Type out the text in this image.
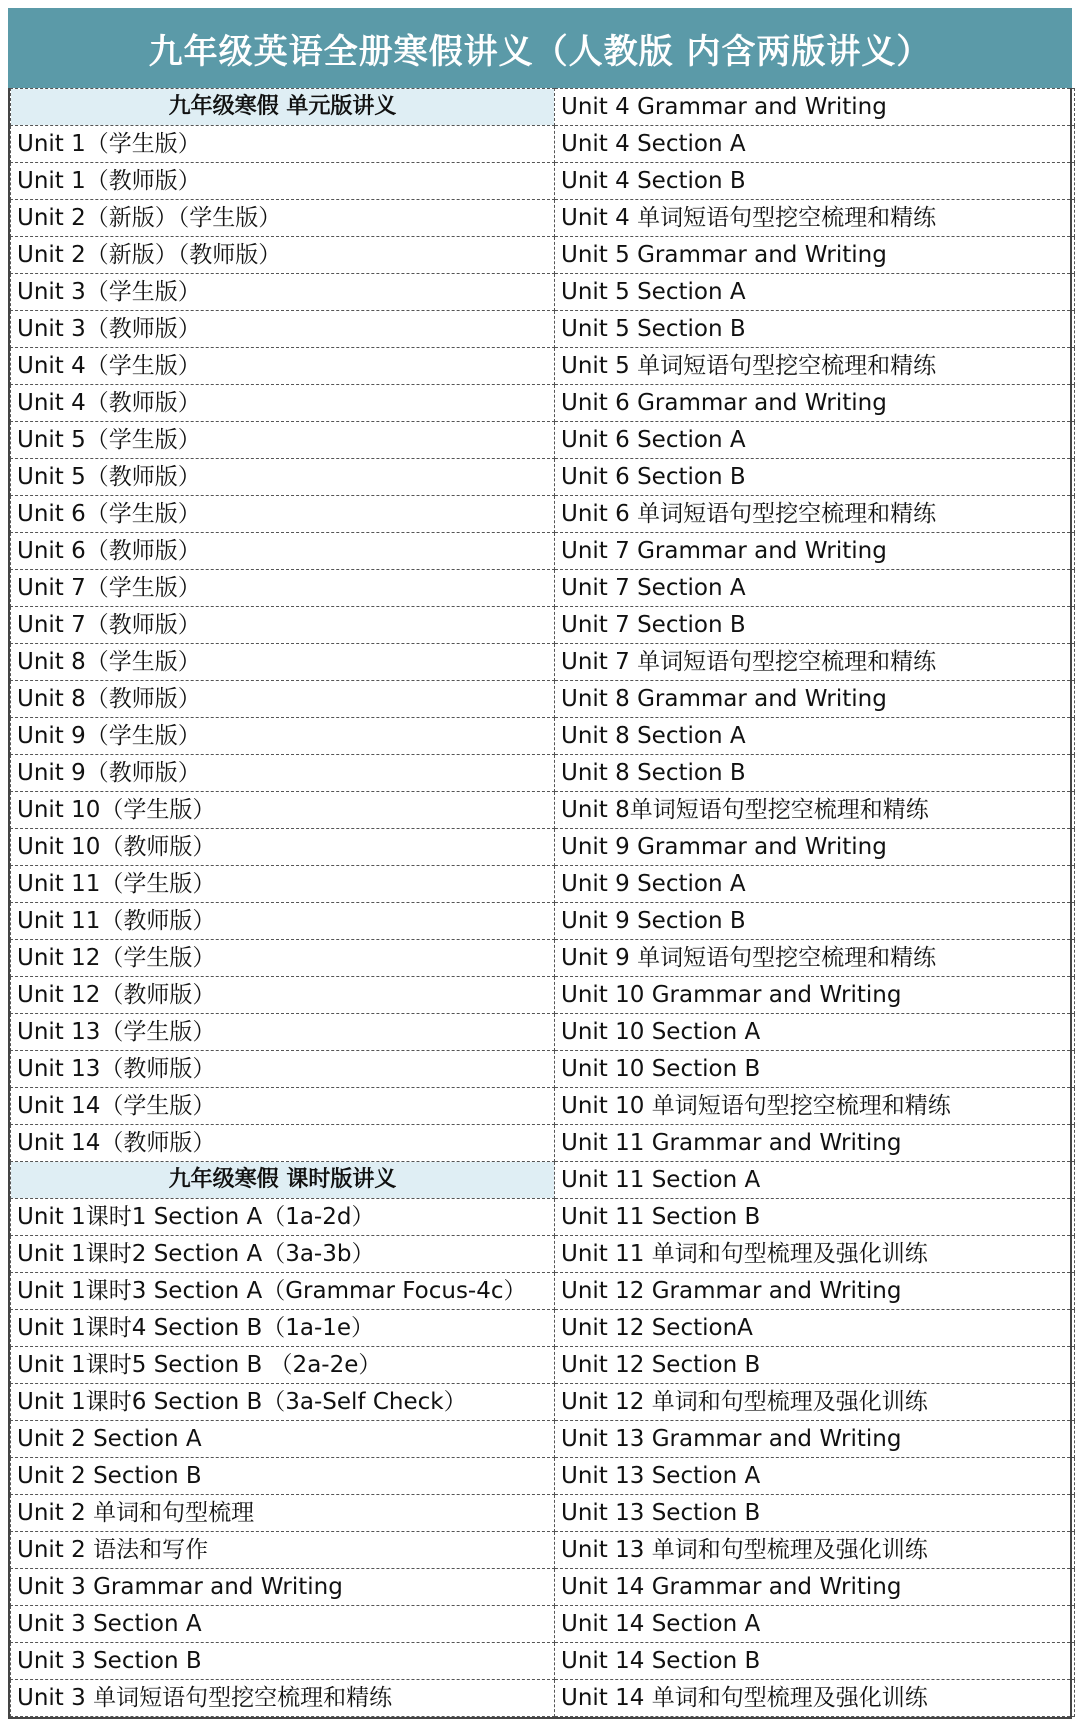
九年级英语全册寒假讲义（人教版 内含两版讲义）
九年级寒假 单元版讲义	Unit 4 Grammar and Writing
Unit 1（学生版）	Unit 4 Section A
Unit 1（教师版）	Unit 4 Section B
Unit 2（新版）（学生版）	Unit 4 单词短语句型挖空梳理和精练
Unit 2（新版）（教师版）	Unit 5 Grammar and Writing
Unit 3（学生版）	Unit 5 Section A
Unit 3（教师版）	Unit 5 Section B
Unit 4（学生版）	Unit 5 单词短语句型挖空梳理和精练
Unit 4（教师版）	Unit 6 Grammar and Writing
Unit 5（学生版）	Unit 6 Section A
Unit 5（教师版）	Unit 6 Section B
Unit 6（学生版）	Unit 6 单词短语句型挖空梳理和精练
Unit 6（教师版）	Unit 7 Grammar and Writing
Unit 7（学生版）	Unit 7 Section A
Unit 7（教师版）	Unit 7 Section B
Unit 8（学生版）	Unit 7 单词短语句型挖空梳理和精练
Unit 8（教师版）	Unit 8 Grammar and Writing
Unit 9（学生版）	Unit 8 Section A
Unit 9（教师版）	Unit 8 Section B
Unit 10（学生版）	Unit 8单词短语句型挖空梳理和精练
Unit 10（教师版）	Unit 9 Grammar and Writing
Unit 11（学生版）	Unit 9 Section A
Unit 11（教师版）	Unit 9 Section B
Unit 12（学生版）	Unit 9 单词短语句型挖空梳理和精练
Unit 12（教师版）	Unit 10 Grammar and Writing
Unit 13（学生版）	Unit 10 Section A
Unit 13（教师版）	Unit 10 Section B
Unit 14（学生版）	Unit 10 单词短语句型挖空梳理和精练
Unit 14（教师版）	Unit 11 Grammar and Writing
九年级寒假 课时版讲义	Unit 11 Section A
Unit 1课时1 Section A（1a-2d）	Unit 11 Section B
Unit 1课时2 Section A（3a-3b）	Unit 11 单词和句型梳理及强化训练
Unit 1课时3 Section A（Grammar Focus-4c）	Unit 12 Grammar and Writing
Unit 1课时4 Section B（1a-1e）	Unit 12 SectionA
Unit 1课时5 Section B （2a-2e）	Unit 12 Section B
Unit 1课时6 Section B（3a-Self Check）	Unit 12 单词和句型梳理及强化训练
Unit 2 Section A	Unit 13 Grammar and Writing
Unit 2 Section B	Unit 13 Section A
Unit 2 单词和句型梳理	Unit 13 Section B
Unit 2 语法和写作	Unit 13 单词和句型梳理及强化训练
Unit 3 Grammar and Writing	Unit 14 Grammar and Writing
Unit 3 Section A	Unit 14 Section A
Unit 3 Section B	Unit 14 Section B
Unit 3 单词短语句型挖空梳理和精练	Unit 14 单词和句型梳理及强化训练
